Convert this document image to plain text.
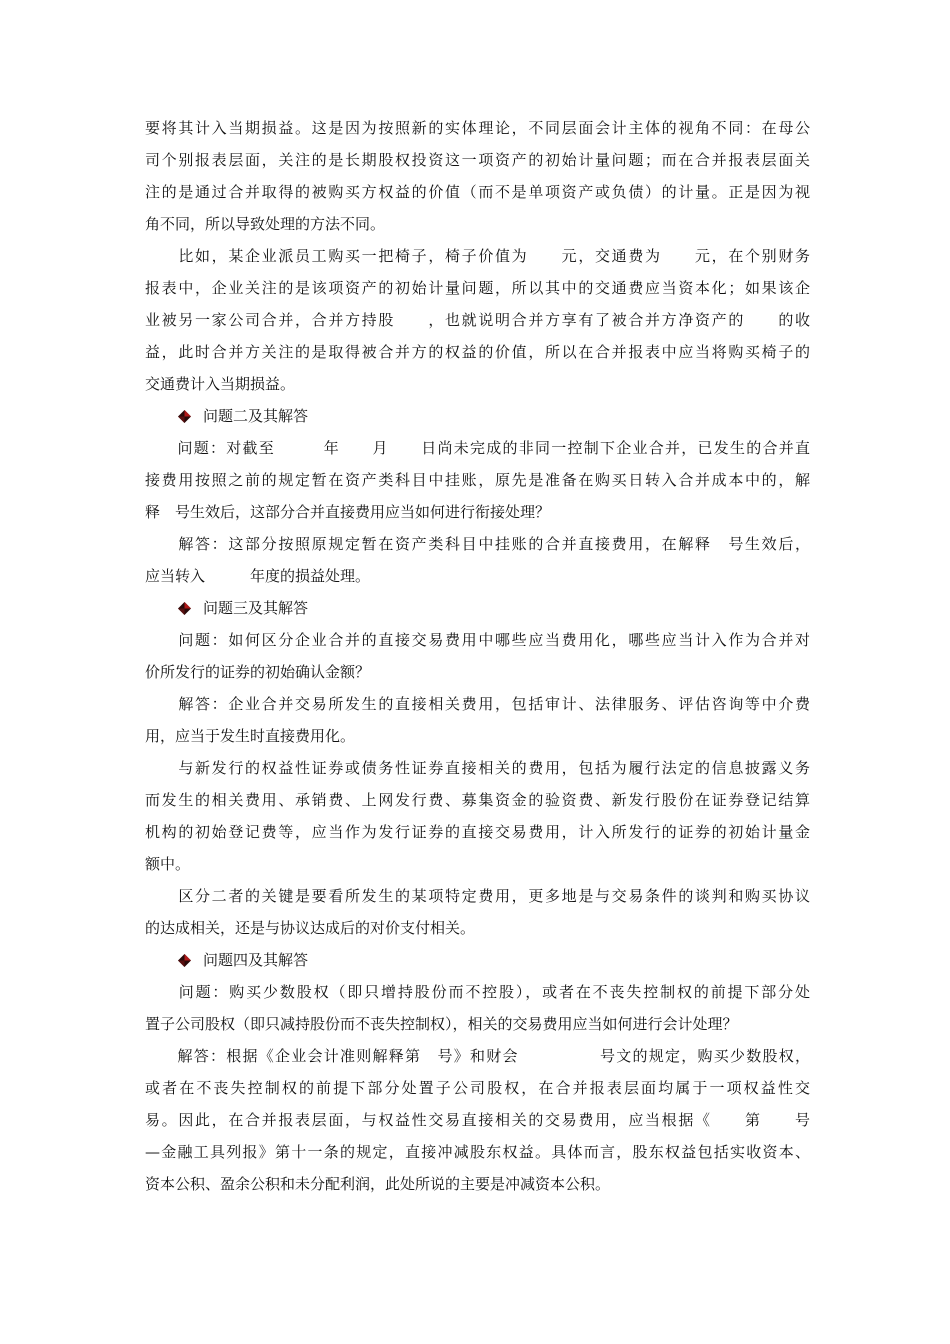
要将其计入当期损益。这是因为按照新的实体理论，不同层面会计主体的视角不同：在母公
司个别报表层面，关注的是长期股权投资这一项资产的初始计量问题；而在合并报表层面关
注的是通过合并取得的被购买方权益的价值（而不是单项资产或负债）的计量。正是因为视
角不同，所以导致处理的方法不同。
　　比如，某企业派员工购买一把椅子，椅子价值为　　元，交通费为　　元，在个别财务
报表中，企业关注的是该项资产的初始计量问题，所以其中的交通费应当资本化；如果该企
业被另一家公司合并，合并方持股　　，也就说明合并方享有了被合并方净资产的　　的收
益，此时合并方关注的是取得被合并方的权益的价值，所以在合并报表中应当将购买椅子的
交通费计入当期损益。
问题二及其解答
　　问题：对截至　　　年　　月　　日尚未完成的非同一控制下企业合并，已发生的合并直
接费用按照之前的规定暂在资产类科目中挂账，原先是准备在购买日转入合并成本中的，解
释　号生效后，这部分合并直接费用应当如何进行衔接处理？
　　解答：这部分按照原规定暂在资产类科目中挂账的合并直接费用，在解释　号生效后，
应当转入　　　年度的损益处理。
问题三及其解答
　　问题：如何区分企业合并的直接交易费用中哪些应当费用化，哪些应当计入作为合并对
价所发行的证券的初始确认金额？
　　解答：企业合并交易所发生的直接相关费用，包括审计、法律服务、评估咨询等中介费
用，应当于发生时直接费用化。
　　与新发行的权益性证券或债务性证券直接相关的费用，包括为履行法定的信息披露义务
而发生的相关费用、承销费、上网发行费、募集资金的验资费、新发行股份在证券登记结算
机构的初始登记费等，应当作为发行证券的直接交易费用，计入所发行的证券的初始计量金
额中。
　　区分二者的关键是要看所发生的某项特定费用，更多地是与交易条件的谈判和购买协议
的达成相关，还是与协议达成后的对价支付相关。
问题四及其解答
　　问题：购买少数股权（即只增持股份而不控股），或者在不丧失控制权的前提下部分处
置子公司股权（即只减持股份而不丧失控制权），相关的交易费用应当如何进行会计处理？
　　解答：根据《企业会计准则解释第　号》和财会　　　　　号文的规定，购买少数股权，
或者在不丧失控制权的前提下部分处置子公司股权，在合并报表层面均属于一项权益性交
易。因此，在合并报表层面，与权益性交易直接相关的交易费用，应当根据《　　第　　号
—金融工具列报》第十一条的规定，直接冲减股东权益。具体而言，股东权益包括实收资本、
资本公积、盈余公积和未分配利润，此处所说的主要是冲减资本公积。
